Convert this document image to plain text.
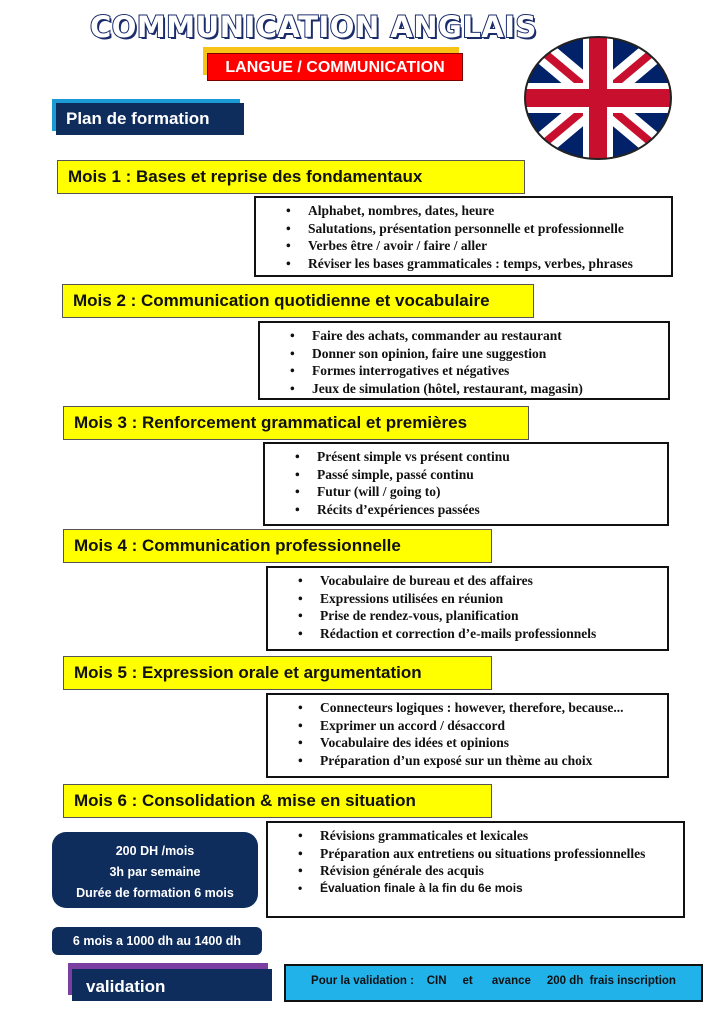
COMMUNICATION ANGLAIS
LANGUE / COMMUNICATION
Plan de formation
Mois 1 : Bases et reprise des fondamentaux
• Alphabet, nombres, dates, heure
• Salutations, présentation personnelle et professionnelle
• Verbes être / avoir / faire / aller
• Réviser les bases grammaticales : temps, verbes, phrases
Mois 2 : Communication quotidienne et vocabulaire
• Faire des achats, commander au restaurant
• Donner son opinion, faire une suggestion
• Formes interrogatives et négatives
• Jeux de simulation (hôtel, restaurant, magasin)
Mois 3 : Renforcement grammatical et premières
• Présent simple vs présent continu
• Passé simple, passé continu
• Futur (will / going to)
• Récits d’expériences passées
Mois 4 : Communication professionnelle
• Vocabulaire de bureau et des affaires
• Expressions utilisées en réunion
• Prise de rendez-vous, planification
• Rédaction et correction d’e-mails professionnels
Mois 5 : Expression orale et argumentation
• Connecteurs logiques : however, therefore, because...
• Exprimer un accord / désaccord
• Vocabulaire des idées et opinions
• Préparation d’un exposé sur un thème au choix
Mois 6 : Consolidation & mise en situation
• Révisions grammaticales et lexicales
• Préparation aux entretiens ou situations professionnelles
• Révision générale des acquis
• Évaluation finale à la fin du 6e mois
200 DH /mois
3h par semaine
Durée de formation 6 mois
6 mois a 1000 dh au 1400 dh
validation	Pour la validation :    CIN     et      avance     200 dh  frais inscription
